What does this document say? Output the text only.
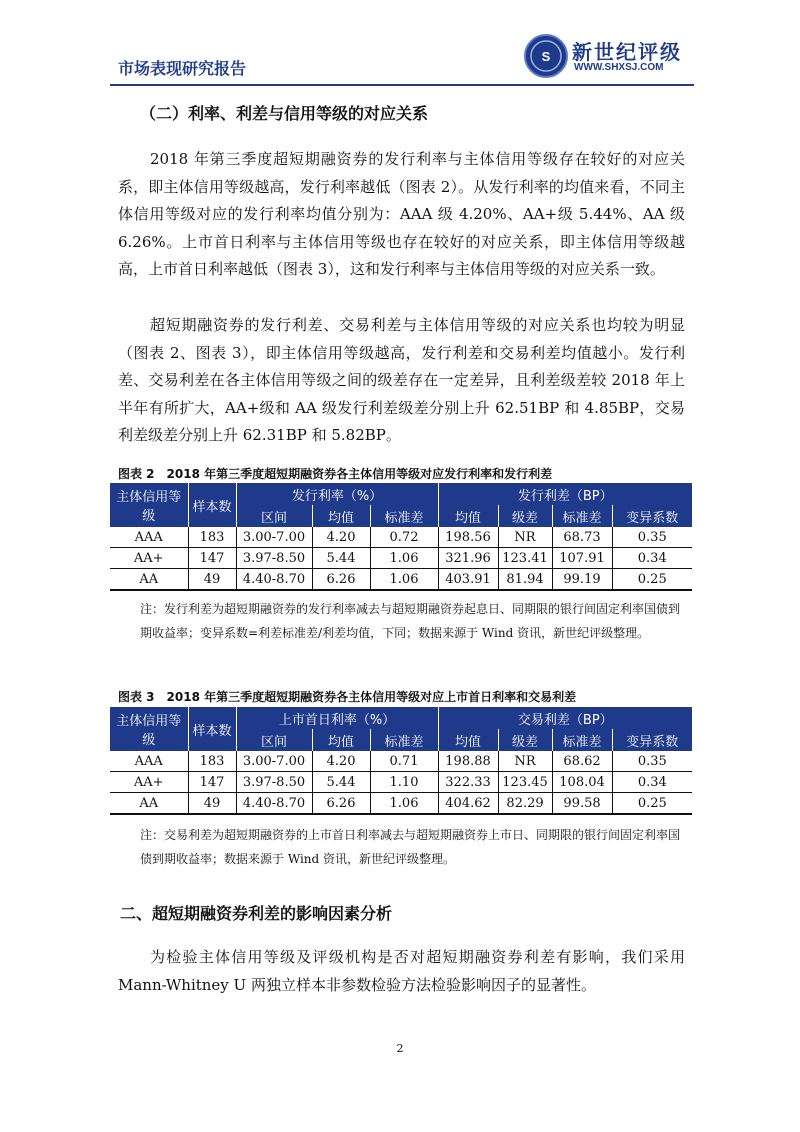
市场表现研究报告
S 新世纪评级
WWW.SHXSJ.COM
（二）利率、利差与信用等级的对应关系
2018 年第三季度超短期融资券的发行利率与主体信用等级存在较好的对应关系，即主体信用等级越高，发行利率越低（图表 2）。从发行利率的均值来看，不同主体信用等级对应的发行利率均值分别为：AAA 级 4.20%、AA+级 5.44%、AA 级 6.26%。上市首日利率与主体信用等级也存在较好的对应关系，即主体信用等级越高，上市首日利率越低（图表 3），这和发行利率与主体信用等级的对应关系一致。
超短期融资券的发行利差、交易利差与主体信用等级的对应关系也均较为明显（图表 2、图表 3），即主体信用等级越高，发行利差和交易利差均值越小。发行利差、交易利差在各主体信用等级之间的级差存在一定差异，且利差级差较 2018 年上半年有所扩大，AA+级和 AA 级发行利差级差分别上升 62.51BP 和 4.85BP，交易利差级差分别上升 62.31BP 和 5.82BP。
图表 2　2018 年第三季度超短期融资券各主体信用等级对应发行利率和发行利差
主体信用等级	样本数	发行利率（%）			发行利差（BP）			
		区间	均值	标准差	均值	级差	标准差	变异系数
AAA	183	3.00-7.00	4.20	0.72	198.56	NR	68.73	0.35
AA+	147	3.97-8.50	5.44	1.06	321.96	123.41	107.91	0.34
AA	49	4.40-8.70	6.26	1.06	403.91	81.94	99.19	0.25
注：发行利差为超短期融资券的发行利率减去与超短期融资券起息日、同期限的银行间固定利率国债到期收益率；变异系数=利差标准差/利差均值，下同；数据来源于 Wind 资讯，新世纪评级整理。
图表 3　2018 年第三季度超短期融资券各主体信用等级对应上市首日利率和交易利差
主体信用等级	样本数	上市首日利率（%）			交易利差（BP）			
		区间	均值	标准差	均值	级差	标准差	变异系数
AAA	183	3.00-7.00	4.20	0.71	198.88	NR	68.62	0.35
AA+	147	3.97-8.50	5.44	1.10	322.33	123.45	108.04	0.34
AA	49	4.40-8.70	6.26	1.06	404.62	82.29	99.58	0.25
注：交易利差为超短期融资券的上市首日利率减去与超短期融资券上市日、同期限的银行间固定利率国债到期收益率；数据来源于 Wind 资讯，新世纪评级整理。
二、超短期融资券利差的影响因素分析
为检验主体信用等级及评级机构是否对超短期融资券利差有影响，我们采用 Mann-Whitney U 两独立样本非参数检验方法检验影响因子的显著性。
2
